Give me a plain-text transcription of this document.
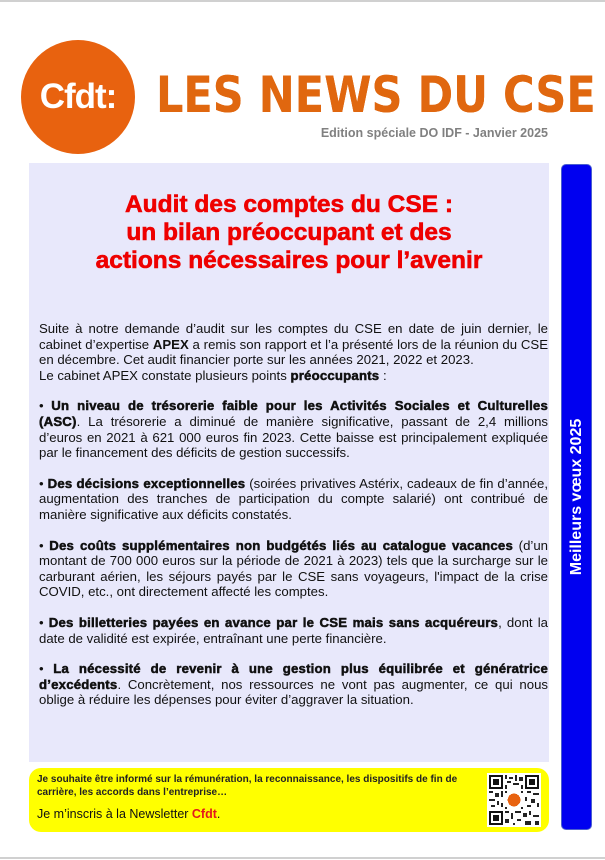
Cfdt: LES NEWS DU CSE
Edition spéciale DO IDF - Janvier 2025
Audit des comptes du CSE :
un bilan préoccupant et des
actions nécessaires pour l’avenir

Suite à notre demande d’audit sur les comptes du CSE en date de juin dernier, le cabinet d’expertise APEX a remis son rapport et l’a présenté lors de la réunion du CSE en décembre. Cet audit financier porte sur les années 2021, 2022 et 2023.

Le cabinet APEX constate plusieurs points préoccupants :

• Un niveau de trésorerie faible pour les Activités Sociales et Culturelles (ASC). La trésorerie a diminué de manière significative, passant de 2,4 millions d’euros en 2021 à 621 000 euros fin 2023. Cette baisse est principalement expliquée par le financement des déficits de gestion successifs.

• Des décisions exceptionnelles (soirées privatives Astérix, cadeaux de fin d’année, augmentation des tranches de participation du compte salarié) ont contribué de manière significative aux déficits constatés.

• Des coûts supplémentaires non budgétés liés au catalogue vacances (d’un montant de 700 000 euros sur la période de 2021 à 2023) tels que la surcharge sur le carburant aérien, les séjours payés par le CSE sans voyageurs, l'impact de la crise COVID, etc., ont directement affecté les comptes.

• Des billetteries payées en avance par le CSE mais sans acquéreurs, dont la date de validité est expirée, entraînant une perte financière.

• La nécessité de revenir à une gestion plus équilibrée et génératrice d’excédents. Concrètement, nos ressources ne vont pas augmenter, ce qui nous oblige à réduire les dépenses pour éviter d’aggraver la situation.

Meilleurs vœux 2025
Je souhaite être informé sur la rémunération, la reconnaissance, les dispositifs de fin de carrière, les accords dans l’entreprise…
Je m’inscris à la Newsletter Cfdt.
